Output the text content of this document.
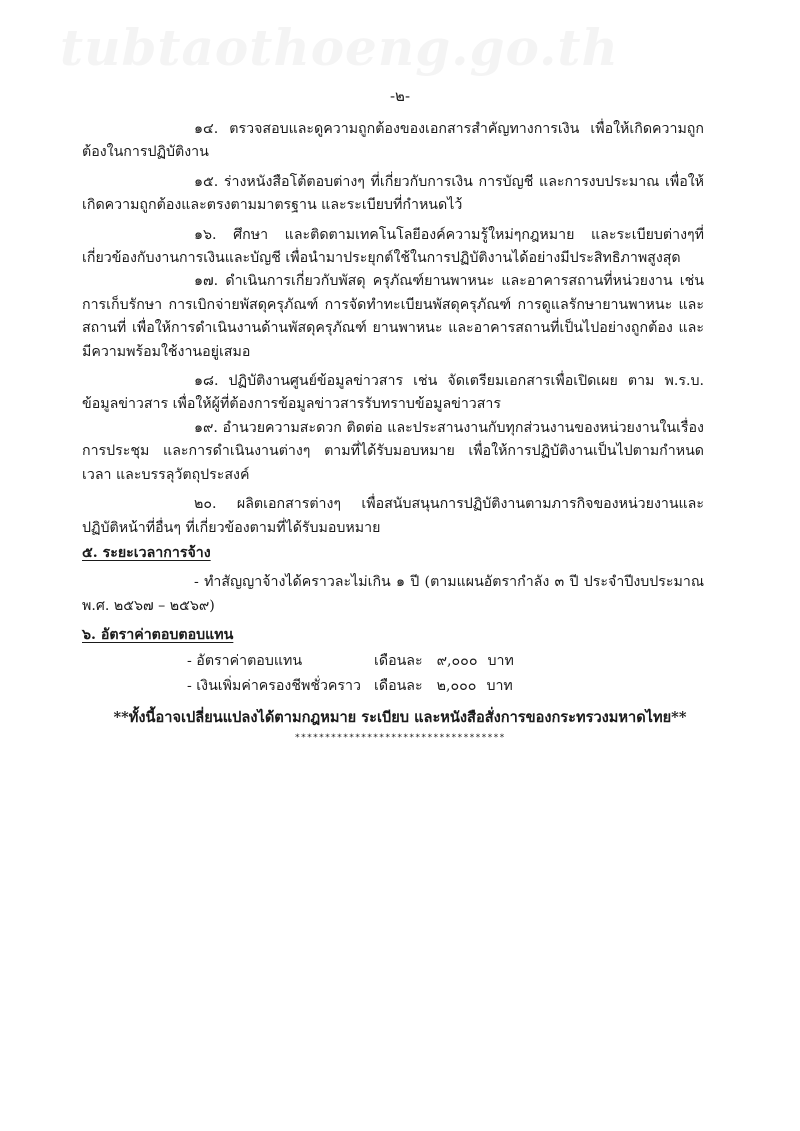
tubtaothoeng.go.th
-๒-

๑๔. ตรวจสอบและดูความถูกต้องของเอกสารสำคัญทางการเงิน เพื่อให้เกิดความถูกต้องในการปฏิบัติงาน

๑๕. ร่างหนังสือโต้ตอบต่างๆ ที่เกี่ยวกับการเงิน การบัญชี และการงบประมาณ เพื่อให้เกิดความถูกต้องและตรงตามมาตรฐาน และระเบียบที่กำหนดไว้

๑๖. ศึกษา และติดตามเทคโนโลยีองค์ความรู้ใหม่ๆกฎหมาย และระเบียบต่างๆที่เกี่ยวข้องกับงานการเงินและบัญชี เพื่อนำมาประยุกต์ใช้ในการปฏิบัติงานได้อย่างมีประสิทธิภาพสูงสุด

๑๗. ดำเนินการเกี่ยวกับพัสดุ ครุภัณฑ์ยานพาหนะ และอาคารสถานที่หน่วยงาน เช่น การเก็บรักษา การเบิกจ่ายพัสดุครุภัณฑ์ การจัดทำทะเบียนพัสดุครุภัณฑ์ การดูแลรักษายานพาหนะ และสถานที่ เพื่อให้การดำเนินงานด้านพัสดุครุภัณฑ์ ยานพาหนะ และอาคารสถานที่เป็นไปอย่างถูกต้อง และมีความพร้อมใช้งานอยู่เสมอ

๑๘. ปฏิบัติงานศูนย์ข้อมูลข่าวสาร เช่น จัดเตรียมเอกสารเพื่อเปิดเผย ตาม พ.ร.บ. ข้อมูลข่าวสาร เพื่อให้ผู้ที่ต้องการข้อมูลข่าวสารรับทราบข้อมูลข่าวสาร

๑๙. อำนวยความสะดวก ติดต่อ และประสานงานกับทุกส่วนงานของหน่วยงานในเรื่องการประชุม และการดำเนินงานต่างๆ ตามที่ได้รับมอบหมาย เพื่อให้การปฏิบัติงานเป็นไปตามกำหนดเวลา และบรรลุวัตถุประสงค์

๒๐. ผลิตเอกสารต่างๆ เพื่อสนับสนุนการปฏิบัติงานตามภารกิจของหน่วยงานและปฏิบัติหน้าที่อื่นๆ ที่เกี่ยวข้องตามที่ได้รับมอบหมาย

๕. ระยะเวลาการจ้าง

- ทำสัญญาจ้างได้คราวละไม่เกิน ๑ ปี (ตามแผนอัตรากำลัง ๓ ปี ประจำปีงบประมาณ พ.ศ. ๒๕๖๗ – ๒๕๖๙)

๖. อัตราค่าตอบตอบแทน
- อัตราค่าตอบแทน	เดือนละ ๙,๐๐๐ บาท
- เงินเพิ่มค่าครองชีพชั่วคราว เดือนละ ๒,๐๐๐ บาท
**ทั้งนี้อาจเปลี่ยนแปลงได้ตามกฎหมาย ระเบียบ และหนังสือสั่งการของกระทรวงมหาดไทย**
***********************************
